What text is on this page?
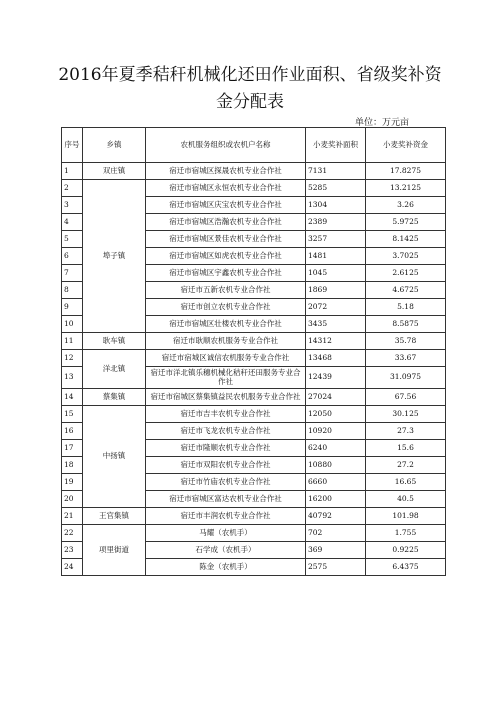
2016年夏季秸秆机械化还田作业面积、省级奖补资
金分配表
单位：万元亩
序号	乡镇	农机服务组织或农机户名称	小麦奖补面积	小麦奖补资金
1	双庄镇	宿迁市宿城区探晟农机专业合作社	7131	17.8275
2	埠子镇	宿迁市宿城区永恒农机专业合作社	5285	13.2125
3		宿迁市宿城区庆宝农机专业合作社	1304	3.26
4		宿迁市宿城区浩瀚农机专业合作社	2389	5.9725
5		宿迁市宿城区景佳农机专业合作社	3257	8.1425
6		宿迁市宿城区如虎农机专业合作社	1481	3.7025
7		宿迁市宿城区宇鑫农机专业合作社	1045	2.6125
8		宿迁市五新农机专业合作社	1869	4.6725
9		宿迁市创立农机专业合作社	2072	5.18
10		宿迁市宿城区壮楼农机专业合作社	3435	8.5875
11	耿车镇	宿迁市耿顺农机服务专业合作社	14312	35.78
12	洋北镇	宿迁市宿城区诚信农机服务专业合作社	13468	33.67
13		宿迁市洋北镇乐穗机械化秸秆还田服务专业合作社	12439	31.0975
14	蔡集镇	宿迁市宿城区蔡集镇益民农机服务专业合作社	27024	67.56
15	中扬镇	宿迁市吉丰农机专业合作社	12050	30.125
16		宿迁市飞龙农机专业合作社	10920	27.3
17		宿迁市隆顺农机专业合作社	6240	15.6
18		宿迁市双阳农机专业合作社	10880	27.2
19		宿迁市竹庙农机专业合作社	6660	16.65
20		宿迁市宿城区富达农机专业合作社	16200	40.5
21	王官集镇	宿迁市丰润农机专业合作社	40792	101.98
22	项里街道	马耀（农机手）	702	1.755
23		石学成（农机手）	369	0.9225
24		陈金（农机手）	2575	6.4375
